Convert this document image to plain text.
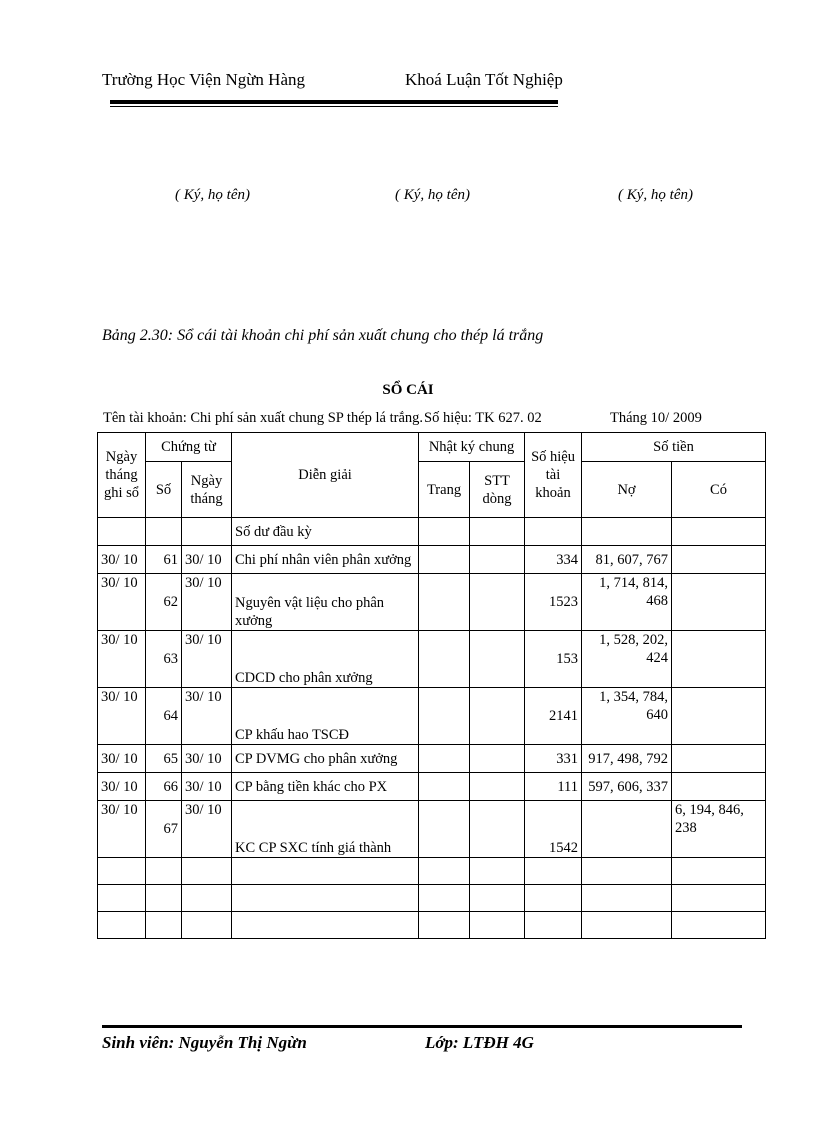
Trường Học Viện Ngừn Hàng	Khoá Luận Tốt Nghiệp
( Ký, họ tên)	( Ký, họ tên)	( Ký, họ tên)
Bảng 2.30: Sổ cái tài khoản chi phí sản xuất chung cho thép lá trắng
SỔ CÁI
Tên tài khoản: Chi phí sản xuất chung SP thép lá trắng. Số hiệu: TK 627. 02	Tháng 10/ 2009
Ngày tháng ghi sổ	Chứng từ		Diễn giải	Nhật ký chung		Số hiệu tài khoản	Số tiền	
	Số	Ngày tháng		Trang	STT dòng		Nợ	Có
			Số dư đầu kỳ					
30/ 10	61	30/ 10	Chi phí nhân viên phân xưởng			334	81, 607, 767	
30/ 10	62	30/ 10	Nguyên vật liệu cho phân xưởng			1523	1, 714, 814, 468	
30/ 10	63	30/ 10	CDCD cho phân xưởng			153	1, 528, 202, 424	
30/ 10	64	30/ 10	CP khấu hao TSCĐ			2141	1, 354, 784, 640	
30/ 10	65	30/ 10	CP DVMG cho phân xưởng			331	917, 498, 792	
30/ 10	66	30/ 10	CP bằng tiền khác cho PX			111	597, 606, 337	
30/ 10	67	30/ 10	KC CP SXC tính giá thành			1542		6, 194, 846, 238

Sinh viên: Nguyễn Thị Ngừn	Lớp: LTĐH 4G
